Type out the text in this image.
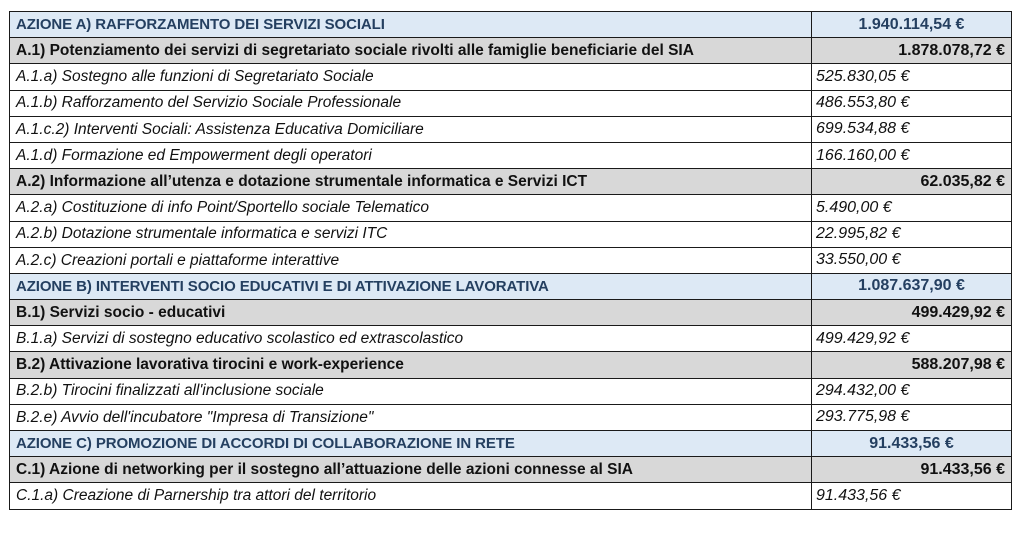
AZIONE A) RAFFORZAMENTO DEI SERVIZI SOCIALI	1.940.114,54 €
A.1) Potenziamento dei servizi di segretariato sociale rivolti alle famiglie beneficiarie del SIA	1.878.078,72 €
A.1.a) Sostegno alle funzioni di Segretariato Sociale	525.830,05 €
A.1.b) Rafforzamento del Servizio Sociale Professionale	486.553,80 €
A.1.c.2) Interventi Sociali: Assistenza Educativa Domiciliare	699.534,88 €
A.1.d) Formazione ed Empowerment degli operatori	166.160,00 €
A.2) Informazione all’utenza e dotazione strumentale informatica e Servizi ICT	62.035,82 €
A.2.a) Costituzione di info Point/Sportello sociale Telematico	5.490,00 €
A.2.b) Dotazione strumentale informatica e servizi ITC	22.995,82 €
A.2.c) Creazioni portali e piattaforme interattive	33.550,00 €
AZIONE B) INTERVENTI SOCIO EDUCATIVI E DI ATTIVAZIONE LAVORATIVA	1.087.637,90 €
B.1) Servizi socio - educativi	499.429,92 €
B.1.a) Servizi di sostegno educativo scolastico ed extrascolastico	499.429,92 €
B.2) Attivazione lavorativa tirocini e work-experience	588.207,98 €
B.2.b) Tirocini finalizzati all'inclusione sociale	294.432,00 €
B.2.e) Avvio dell'incubatore "Impresa di Transizione"	293.775,98 €
AZIONE C) PROMOZIONE DI ACCORDI DI COLLABORAZIONE IN RETE	91.433,56 €
C.1) Azione di networking per il sostegno all’attuazione delle azioni connesse al SIA	91.433,56 €
C.1.a) Creazione di Parnership tra attori del territorio	91.433,56 €
